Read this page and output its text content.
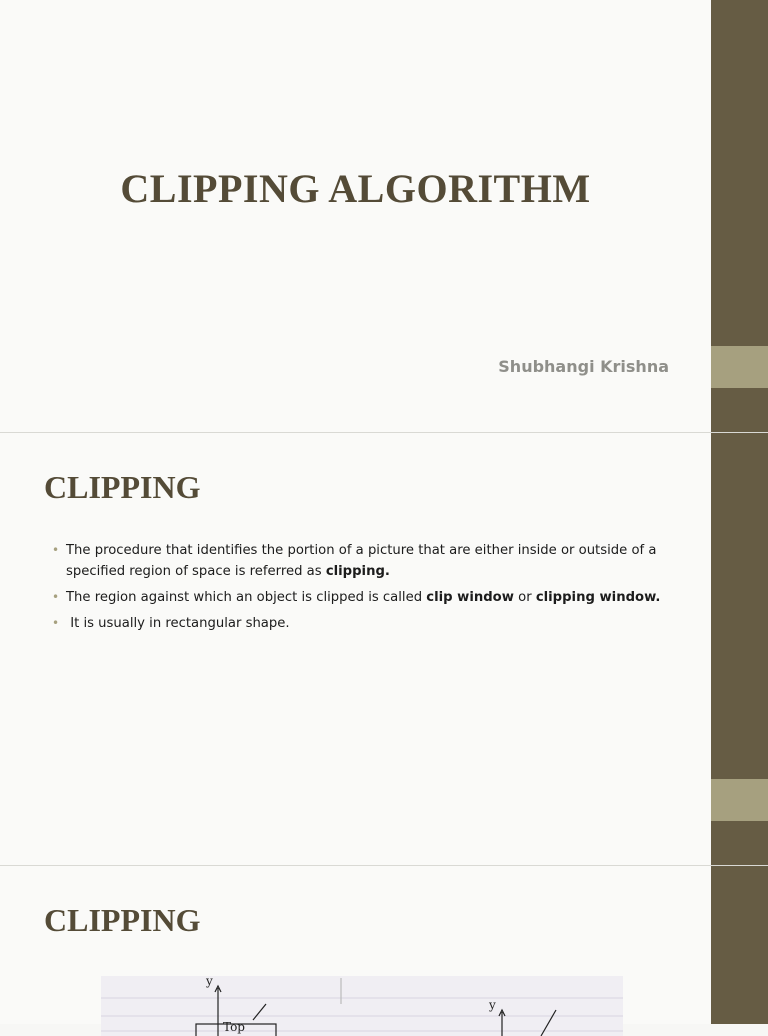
CLIPPING ALGORITHM

Shubhangi Krishna

CLIPPING
• The procedure that identifies the portion of a picture that are either inside or outside of a specified region of space is referred as clipping.
• The region against which an object is clipped is called clip window or clipping window.
• It is usually in rectangular shape.
CLIPPING
y
y
Top
